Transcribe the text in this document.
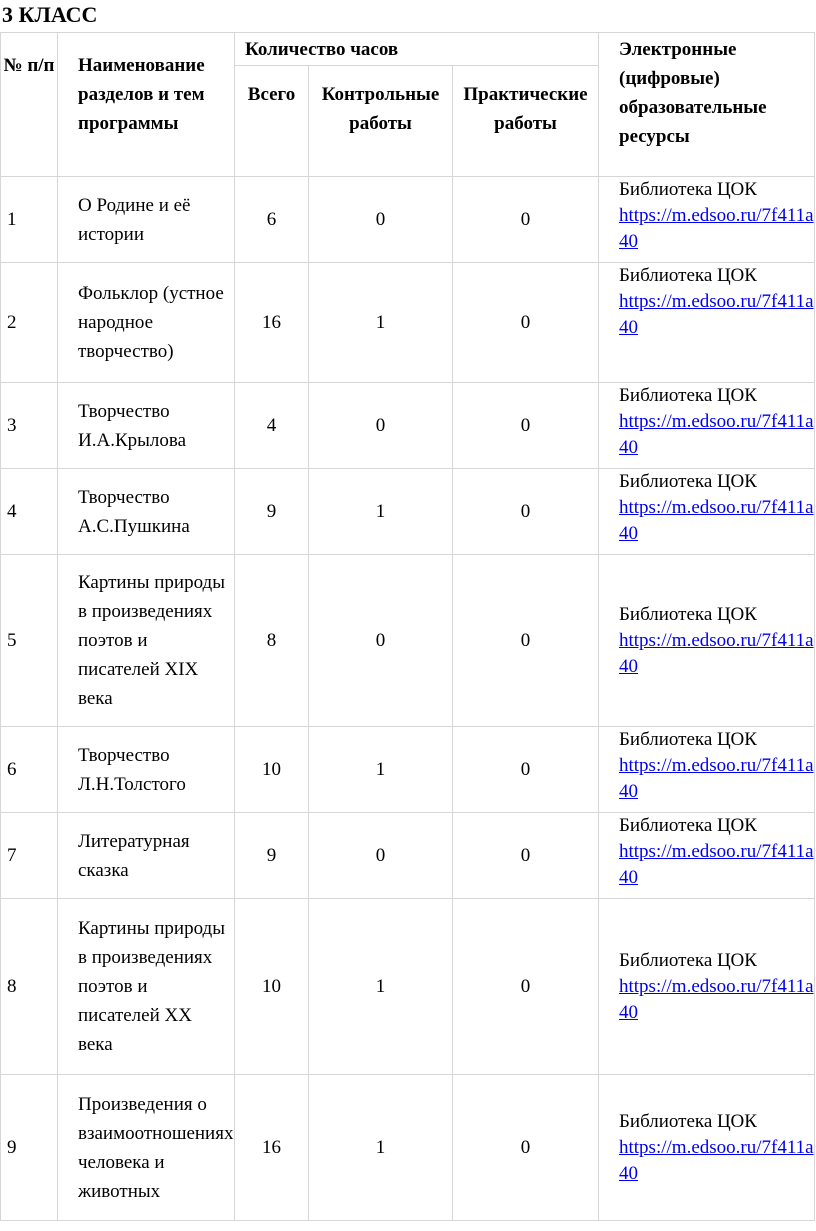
3 КЛАСС
№ п/п	Наименование разделов и тем программы	Количество часов			Электронные (цифровые) образовательные ресурсы
		Всего	Контрольные работы	Практические работы	
1	О Родине и её истории	6	0	0	Библиотека ЦОК
https://m.edsoo.ru/7f411a40

2	Фольклор (устное народное творчество)	16	1	0	Библиотека ЦОК
https://m.edsoo.ru/7f411a40

3	Творчество И.А.Крылова	4	0	0	Библиотека ЦОК
https://m.edsoo.ru/7f411a40

4	Творчество А.С.Пушкина	9	1	0	Библиотека ЦОК
https://m.edsoo.ru/7f411a40

5	Картины природы в произведениях поэтов и писателей XIX века	8	0	0	Библиотека ЦОК
https://m.edsoo.ru/7f411a40

6	Творчество Л.Н.Толстого	10	1	0	Библиотека ЦОК
https://m.edsoo.ru/7f411a40

7	Литературная сказка	9	0	0	Библиотека ЦОК
https://m.edsoo.ru/7f411a40

8	Картины природы в произведениях поэтов и писателей XX века	10	1	0	Библиотека ЦОК
https://m.edsoo.ru/7f411a40

9	Произведения о взаимоотношениях человека и животных	16	1	0	Библиотека ЦОК
https://m.edsoo.ru/7f411a40
